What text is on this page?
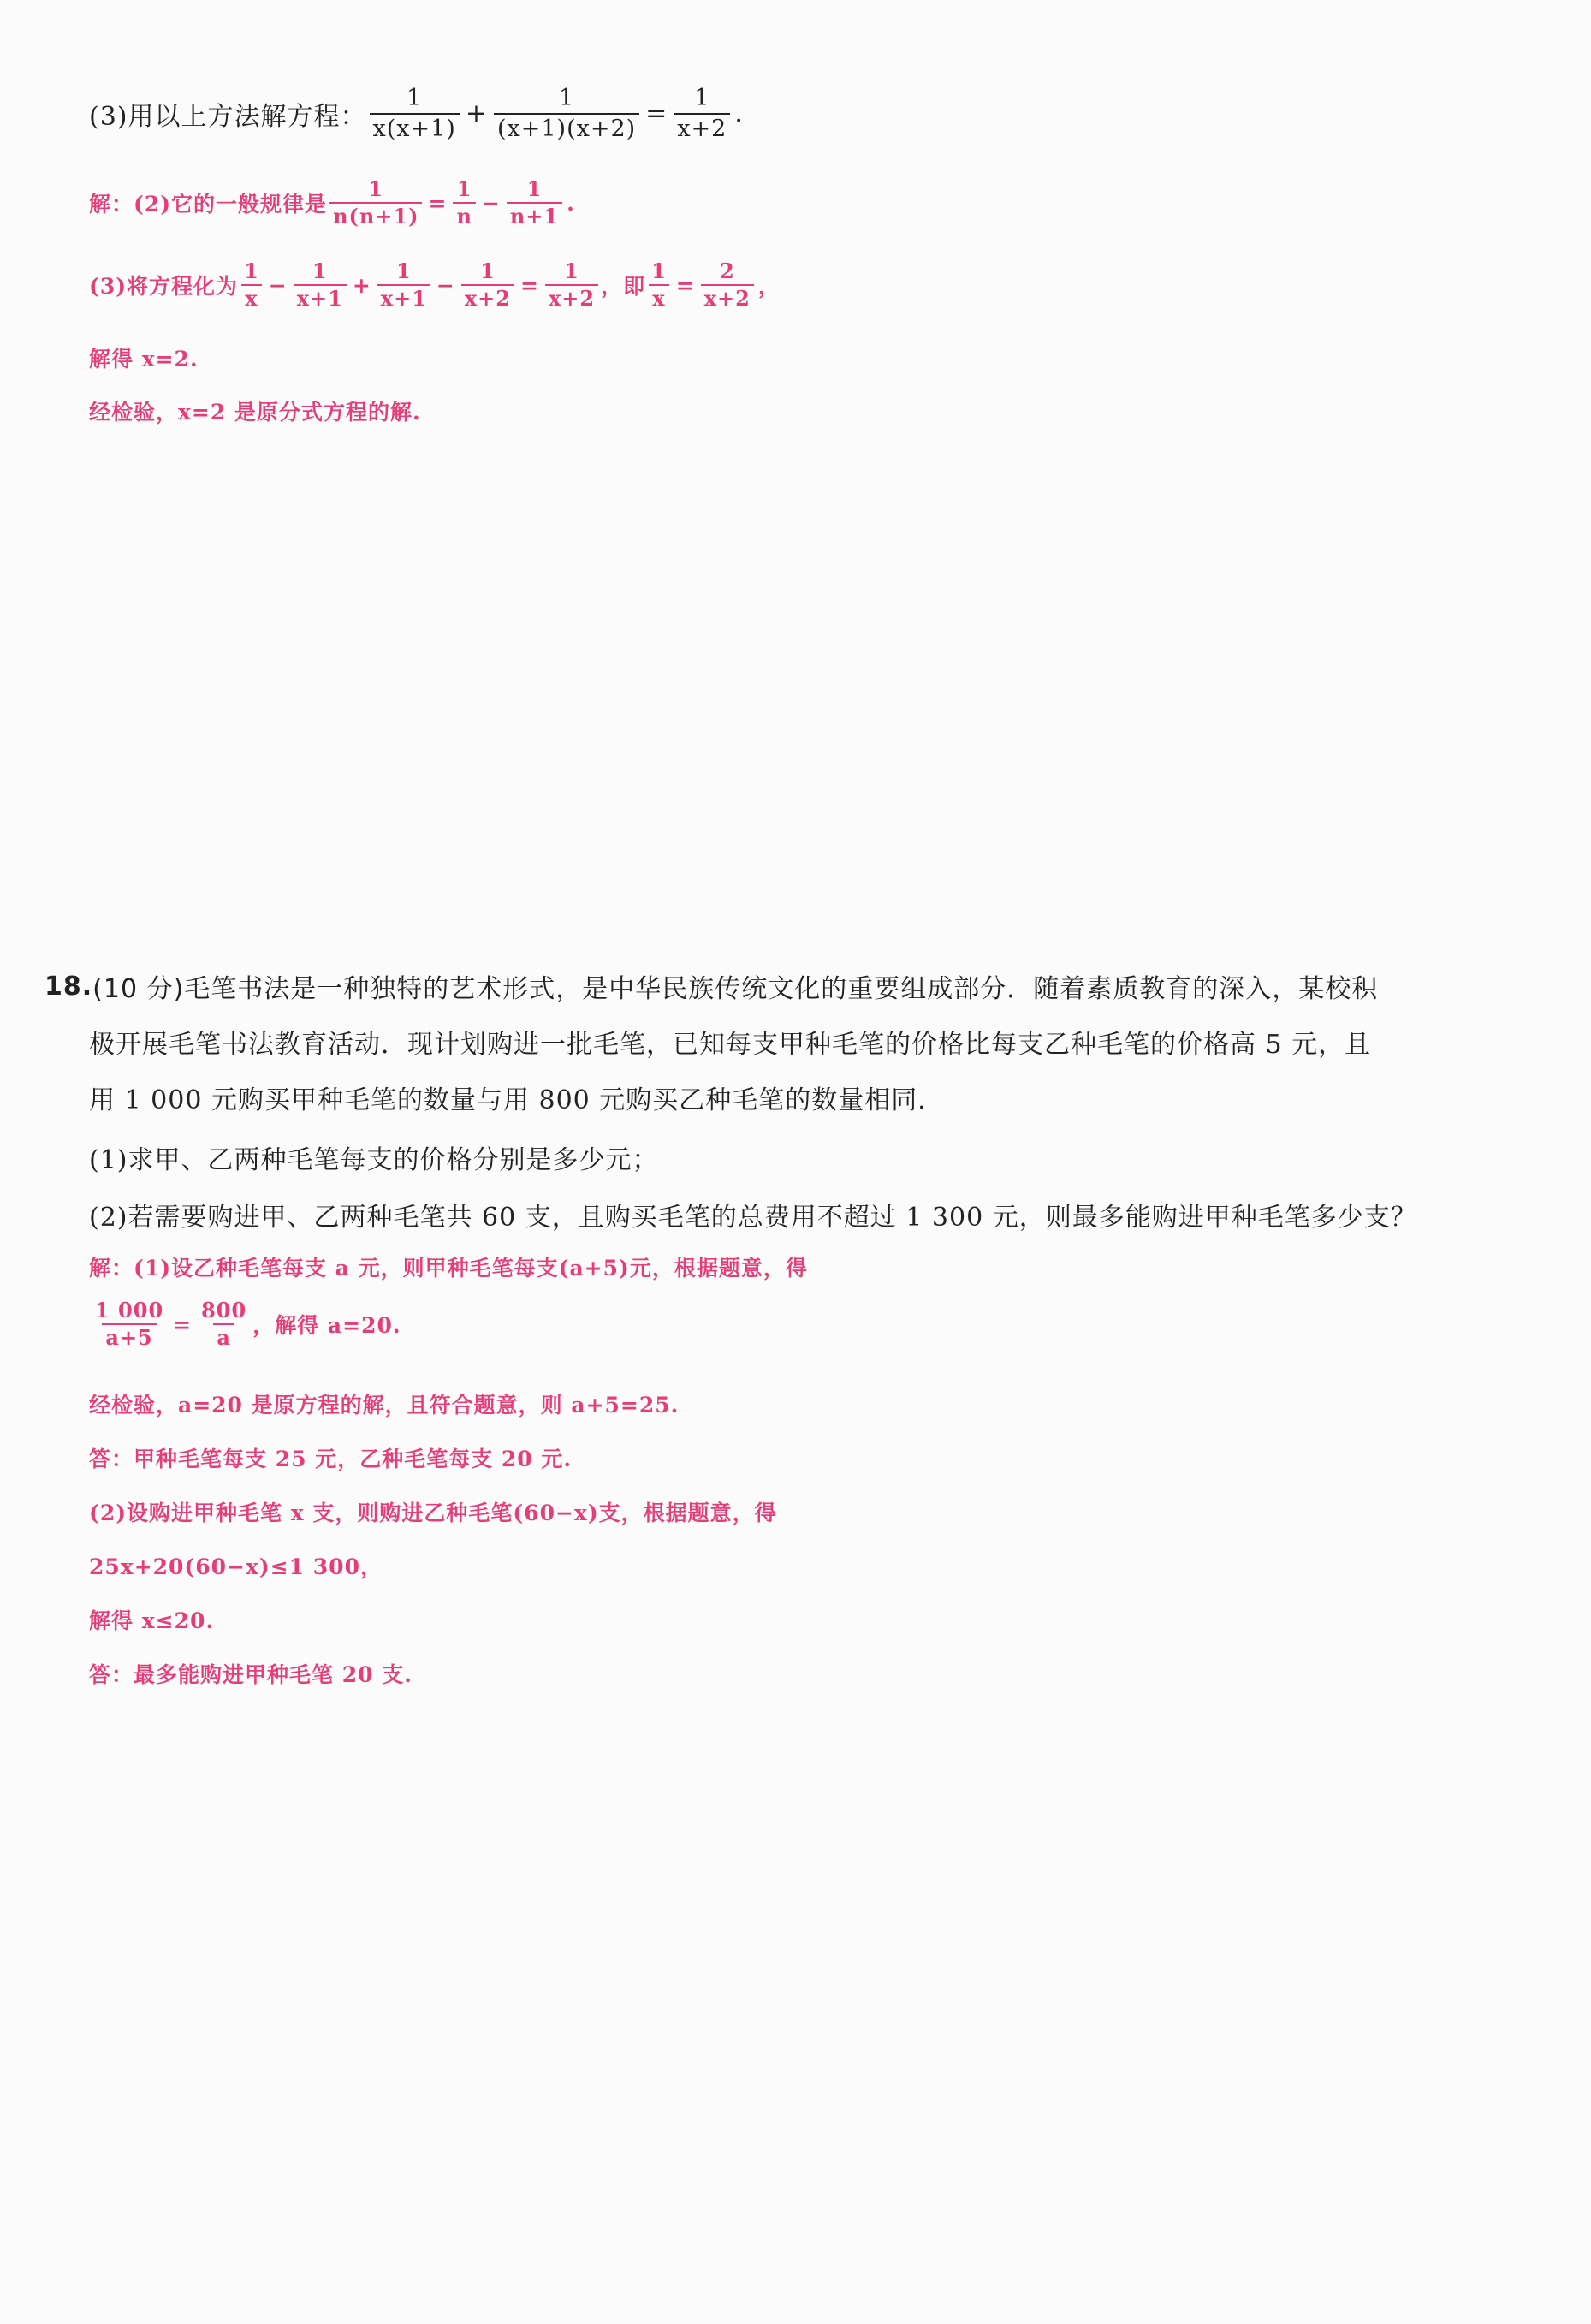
(3)用以上方法解方程： $\frac{1}{x(x+1)} + \frac{1}{(x+1)(x+2)} = \frac{1}{x+2}$ .
解：(2)它的一般规律是 $\frac{1}{n(n+1)} = \frac{1}{n} - \frac{1}{n+1}$ .
(3)将方程化为 $\frac{1}{x} - \frac{1}{x+1} + \frac{1}{x+1} - \frac{1}{x+2} = \frac{1}{x+2}$ ，即 $\frac{1}{x} = \frac{2}{x+2}$ ，
解得 x=2.
经检验，x=2 是原分式方程的解.
18. (10 分) 毛笔书法是一种独特的艺术形式，是中华民族传统文化的重要组成部分．随着素质教育的深入，某校积
极开展毛笔书法教育活动．现计划购进一批毛笔，已知每支甲种毛笔的价格比每支乙种毛笔的价格高 5 元，且
用 1 000 元购买甲种毛笔的数量与用 800 元购买乙种毛笔的数量相同．
(1)求甲、乙两种毛笔每支的价格分别是多少元；
(2)若需要购进甲、乙两种毛笔共 60 支，且购买毛笔的总费用不超过 1 300 元，则最多能购进甲种毛笔多少支？
解：(1)设乙种毛笔每支 a 元，则甲种毛笔每支(a+5)元，根据题意，得
$\frac{1 000}{a+5} = \frac{800}{a}$ ，解得 a=20.
经检验，a=20 是原方程的解，且符合题意，则 a+5=25.
答：甲种毛笔每支 25 元，乙种毛笔每支 20 元.
(2)设购进甲种毛笔 x 支，则购进乙种毛笔(60−x)支，根据题意，得
25x+20(60−x)≤1 300，
解得 x≤20.
答：最多能购进甲种毛笔 20 支.
